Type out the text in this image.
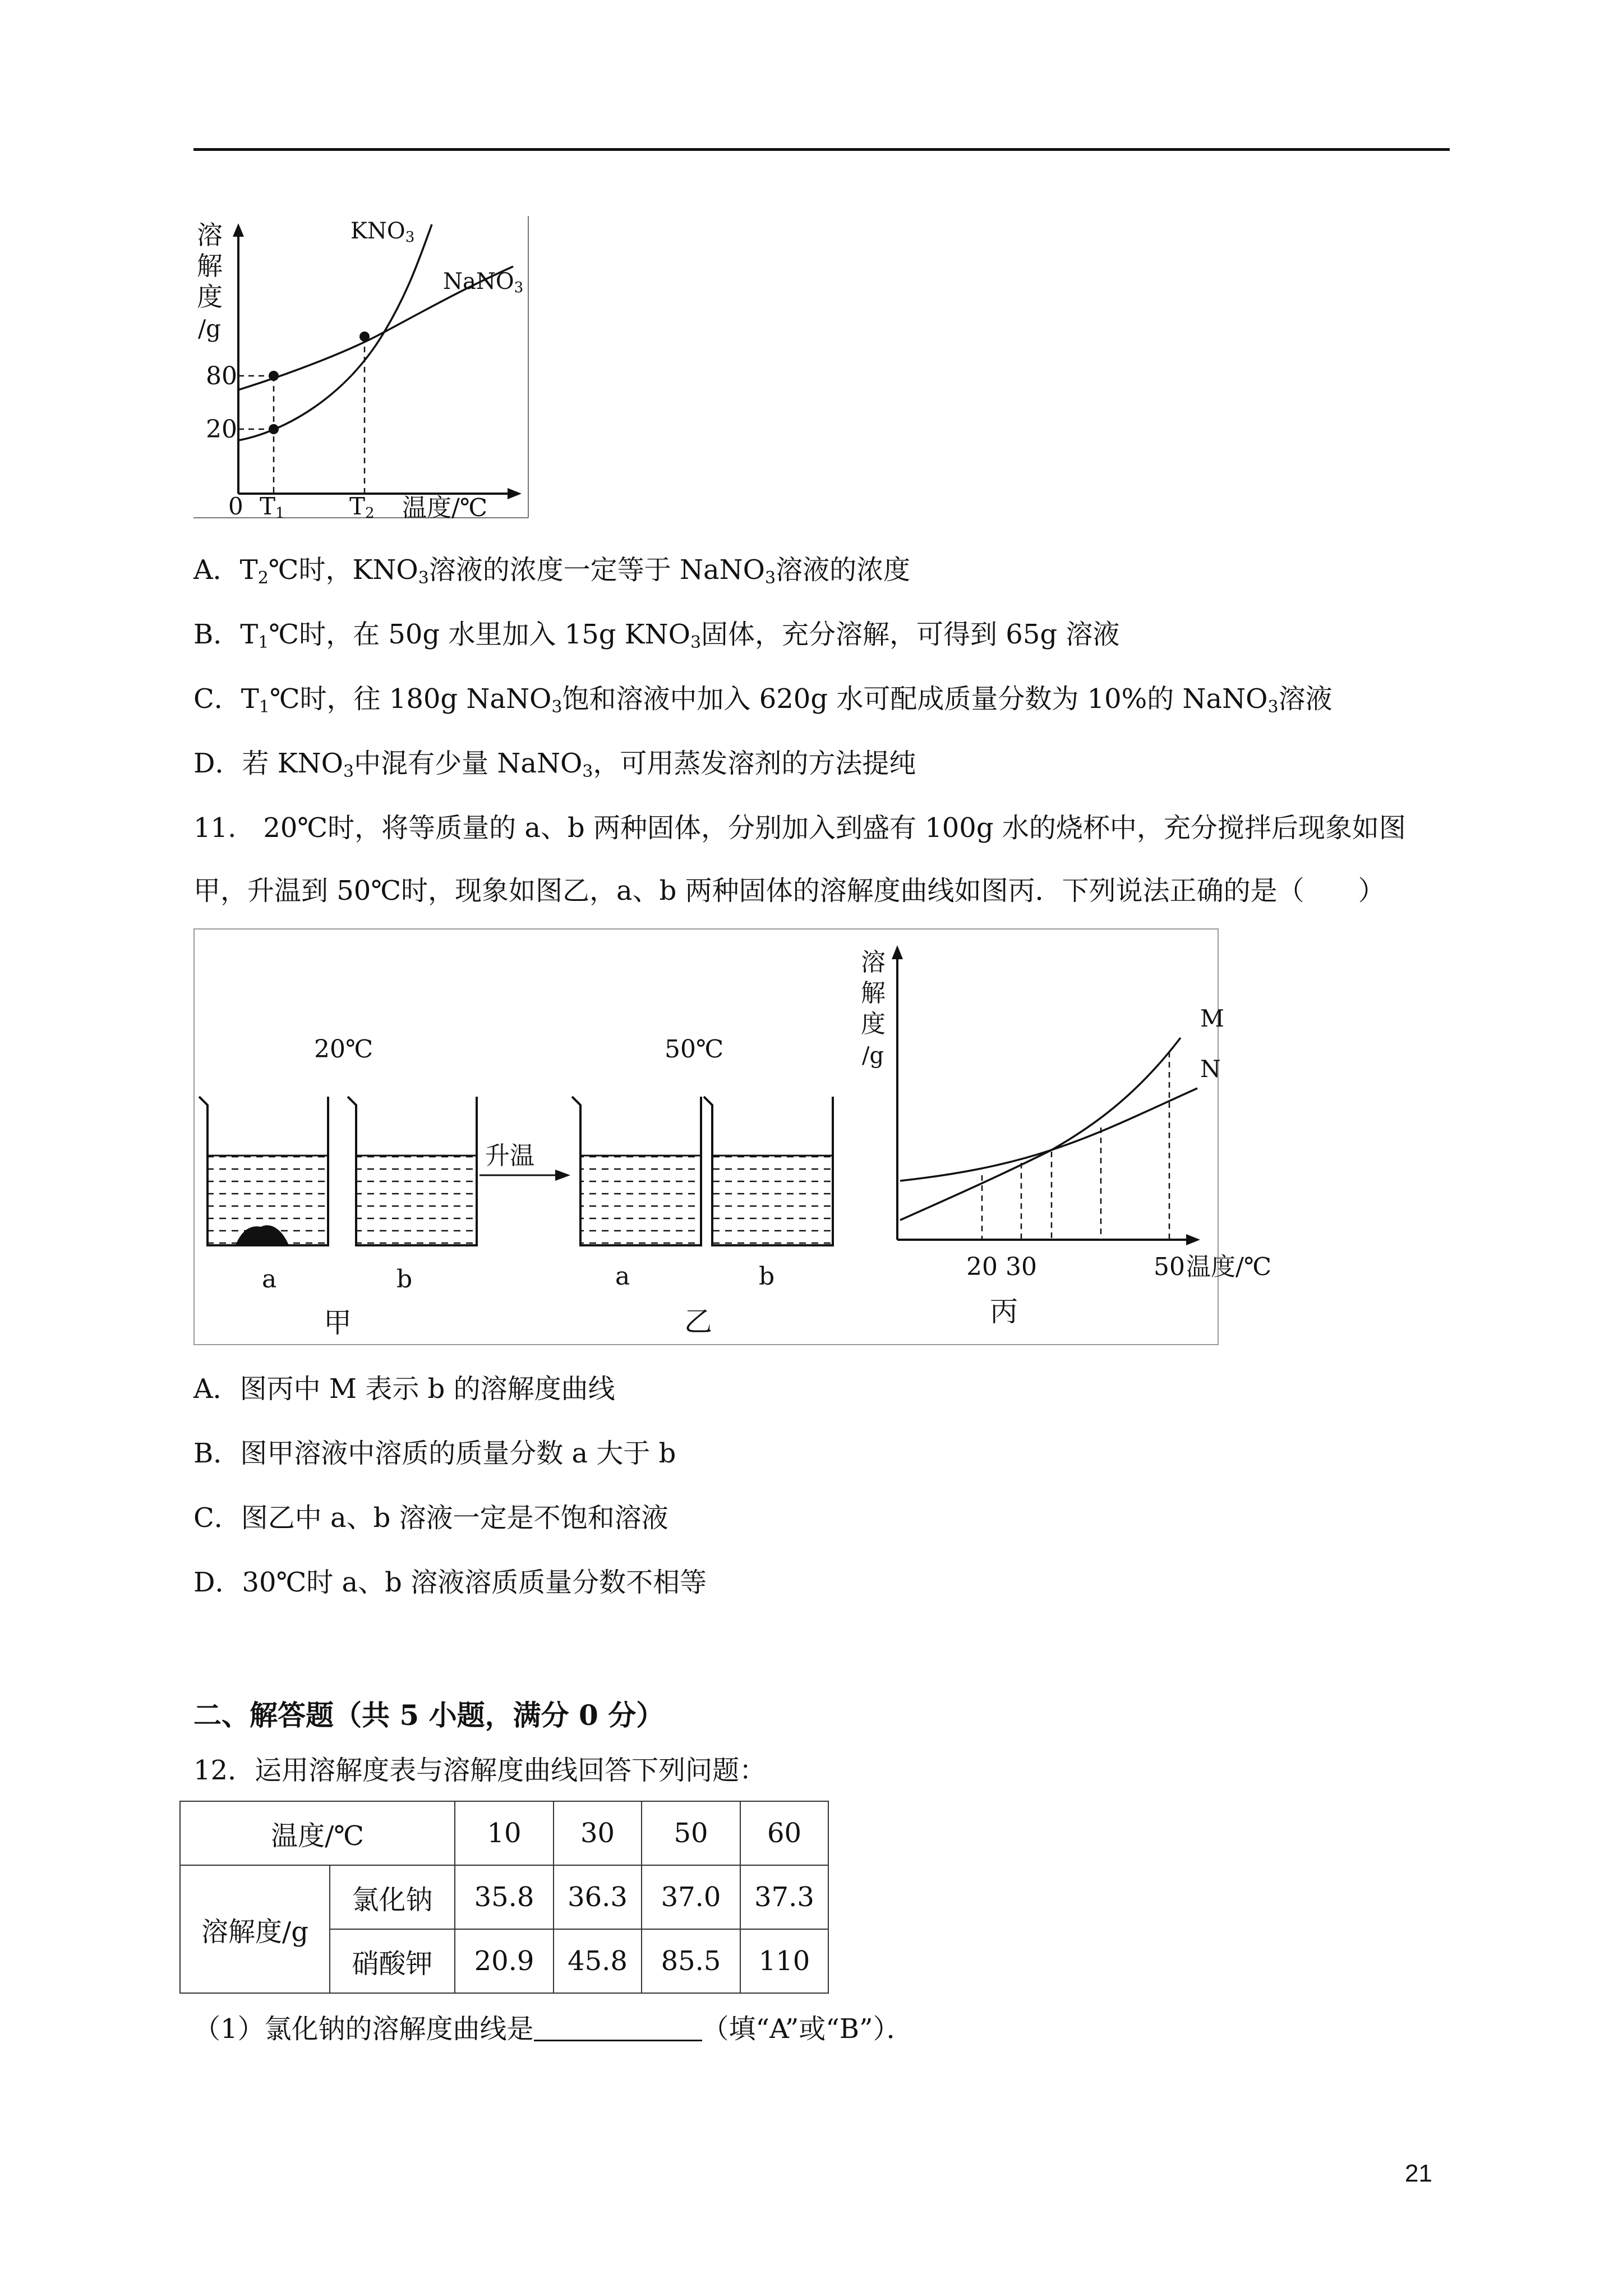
溶
解
度
/g
80
20
0 T1	T2 温度/℃
KNO3
NaNO3
A．$T_2℃$时，$KNO_3$溶液的浓度一定等于 NaNO$_3$溶液的浓度
B．$T_1℃$时，在 50g 水里加入 15g $KNO_3$固体，充分溶解，可得到 65g 溶液
C．$T_1℃$时，往 180g NaNO$_3$饱和溶液中加入 620g 水可配成质量分数为 10%的 NaNO$_3$溶液
D．若 $KNO_3$中混有少量 NaNO$_3$，可用蒸发溶剂的方法提纯
11.　20℃时，将等质量的 a、b 两种固体，分别加入到盛有 100g 水的烧杯中，充分搅拌后现象如图甲，升温到 50℃时，现象如图乙，a、b 两种固体的溶解度曲线如图丙．下列说法正确的是（　　）
升温
20℃	50℃
a	b	a	b
甲	乙	丙
溶
解
度
/g
M
N
20 30	50 温度/℃
A．图丙中 M 表示 b 的溶解度曲线
B．图甲溶液中溶质的质量分数 a 大于 b
C．图乙中 a、b 溶液一定是不饱和溶液
D．30℃时 a、b 溶液溶质质量分数不相等
二、解答题（共 5 小题，满分 0 分）
12．运用溶解度表与溶解度曲线回答下列问题：
温度/℃		10	30	50	60
溶解度/g	氯化钠	35.8	36.3	37.0	37.3
	硝酸钾	20.9	45.8	85.5	110
（1）氯化钠的溶解度曲线是	（填“A”或“B”）．
21
